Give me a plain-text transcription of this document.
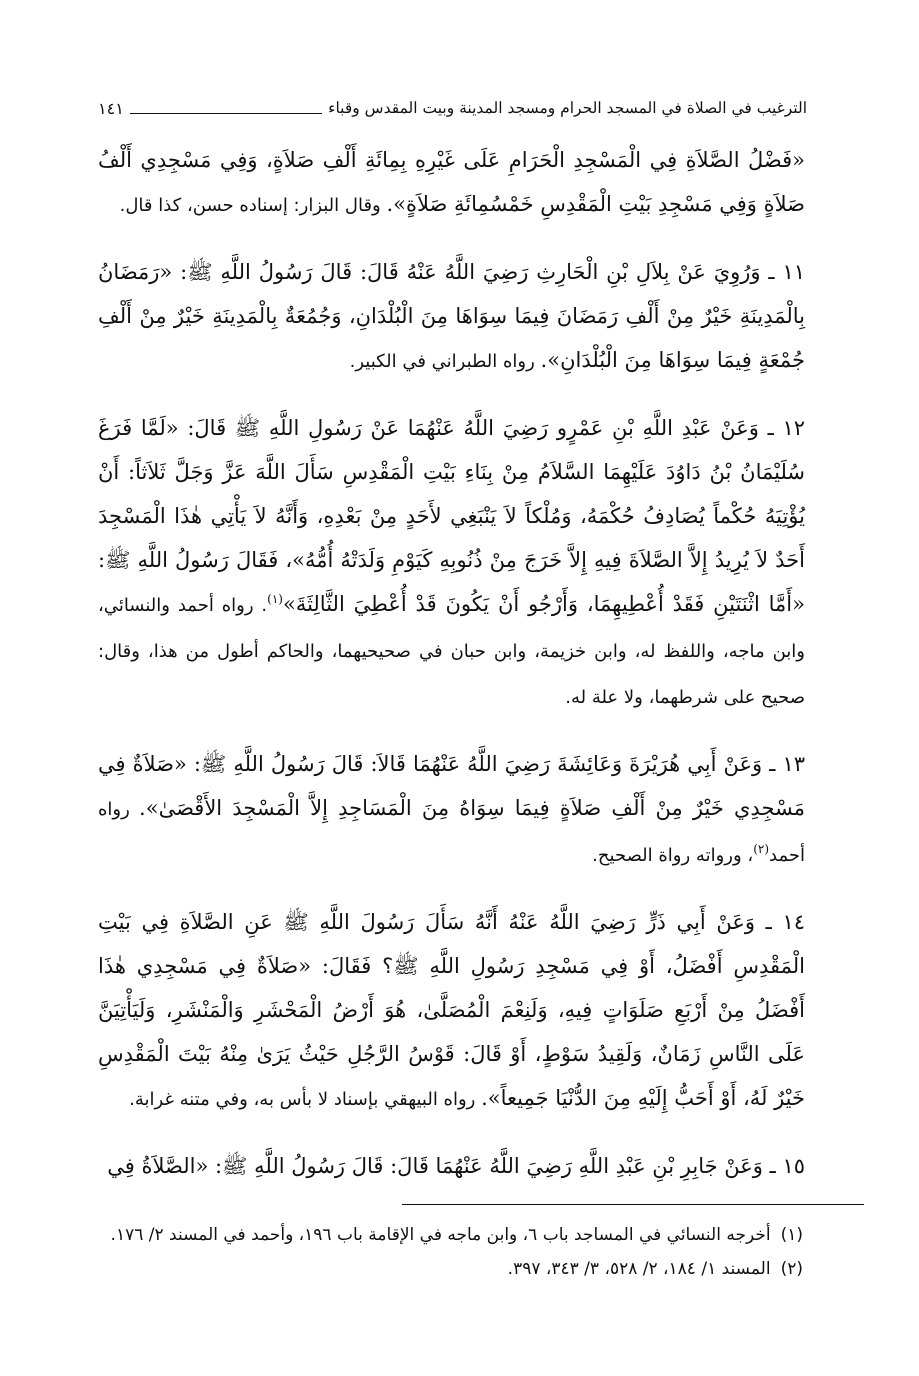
الترغيب في الصلاة في المسجد الحرام ومسجد المدينة وبيت المقدس وقباء
١٤١

«فَضْلُ الصَّلاَةِ فِي الْمَسْجِدِ الْحَرَامِ عَلَى غَيْرِهِ بِمِائَةِ أَلْفِ صَلاَةٍ، وَفِي مَسْجِدِي أَلْفُ صَلاَةٍ وَفِي مَسْجِدِ بَيْتِ الْمَقْدِسِ خَمْسُمِائَةِ صَلاَةٍ». وقال البزار: إسناده حسن، كذا قال.

١١ ـ وَرُوِيَ عَنْ بِلاَلِ بْنِ الْحَارِثِ رَضِيَ اللَّهُ عَنْهُ قَالَ: قَالَ رَسُولُ اللَّهِ ﷺ: «رَمَضَانُ بِالْمَدِينَةِ خَيْرٌ مِنْ أَلْفِ رَمَضَانَ فِيمَا سِوَاهَا مِنَ الْبُلْدَانِ، وَجُمُعَةٌ بِالْمَدِينَةِ خَيْرٌ مِنْ أَلْفِ جُمْعَةٍ فِيمَا سِوَاهَا مِنَ الْبُلْدَانِ». رواه الطبراني في الكبير.

١٢ ـ وَعَنْ عَبْدِ اللَّهِ بْنِ عَمْرٍو رَضِيَ اللَّهُ عَنْهُمَا عَنْ رَسُولِ اللَّهِ ﷺ قَالَ: «لَمَّا فَرَغَ سُلَيْمَانُ بْنُ دَاوُدَ عَلَيْهِمَا السَّلاَمُ مِنْ بِنَاءِ بَيْتِ الْمَقْدِسِ سَأَلَ اللَّهَ عَزَّ وَجَلَّ ثَلاَثاً: أَنْ يُؤْتِيَهُ حُكْماً يُصَادِفُ حُكْمَهُ، وَمُلْكاً لاَ يَنْبَغِي لأَحَدٍ مِنْ بَعْدِهِ، وَأَنَّهُ لاَ يَأْتِي هٰذَا الْمَسْجِدَ أَحَدٌ لاَ يُرِيدُ إِلاَّ الصَّلاَةَ فِيهِ إِلاَّ خَرَجَ مِنْ ذُنُوبِهِ كَيَوْمِ وَلَدَتْهُ أُمُّهُ»، فَقَالَ رَسُولُ اللَّهِ ﷺ: «أَمَّا اثْنَتَيْنِ فَقَدْ أُعْطِيهِمَا، وَأَرْجُو أَنْ يَكُونَ قَدْ أُعْطِيَ الثَّالِثَةَ»$^{(١)}$. رواه أحمد والنسائي، وابن ماجه، واللفظ له، وابن خزيمة، وابن حبان في صحيحيهما، والحاكم أطول من هذا، وقال: صحيح على شرطهما، ولا علة له.

١٣ ـ وَعَنْ أَبِي هُرَيْرَةَ وَعَائِشَةَ رَضِيَ اللَّهُ عَنْهُمَا قَالاَ: قَالَ رَسُولُ اللَّهِ ﷺ: «صَلاَةٌ فِي مَسْجِدِي خَيْرٌ مِنْ أَلْفِ صَلاَةٍ فِيمَا سِوَاهُ مِنَ الْمَسَاجِدِ إِلاَّ الْمَسْجِدَ الأَقْصَىٰ». رواه أحمد$^{(٢)}$، ورواته رواة الصحيح.

١٤ ـ وَعَنْ أَبِي ذَرٍّ رَضِيَ اللَّهُ عَنْهُ أَنَّهُ سَأَلَ رَسُولَ اللَّهِ ﷺ عَنِ الصَّلاَةِ فِي بَيْتِ الْمَقْدِسِ أَفْضَلُ، أَوْ فِي مَسْجِدِ رَسُولِ اللَّهِ ﷺ؟ فَقَالَ: «صَلاَةٌ فِي مَسْجِدِي هٰذَا أَفْضَلُ مِنْ أَرْبَعِ صَلَوَاتٍ فِيهِ، وَلَنِعْمَ الْمُصَلَّىٰ، هُوَ أَرْضُ الْمَحْشَرِ وَالْمَنْشَرِ، وَلَيَأْتِيَنَّ عَلَى النَّاسِ زَمَانٌ، وَلَقِيدُ سَوْطٍ، أَوْ قَالَ: قَوْسُ الرَّجُلِ حَيْثُ يَرَىٰ مِنْهُ بَيْتَ الْمَقْدِسِ خَيْرٌ لَهُ، أَوْ أَحَبُّ إِلَيْهِ مِنَ الدُّنْيَا جَمِيعاً». رواه البيهقي بإسناد لا بأس به، وفي متنه غرابة.

١٥ ـ وَعَنْ جَابِرِ بْنِ عَبْدِ اللَّهِ رَضِيَ اللَّهُ عَنْهُمَا قَالَ: قَالَ رَسُولُ اللَّهِ ﷺ: «الصَّلاَةُ فِي

(١)أخرجه النسائي في المساجد باب ٦، وابن ماجه في الإقامة باب ١٩٦، وأحمد في المسند ٢/ ١٧٦.

(٢)المسند ١/ ١٨٤، ٢/ ٥٢٨، ٣/ ٣٤٣، ٣٩٧.
